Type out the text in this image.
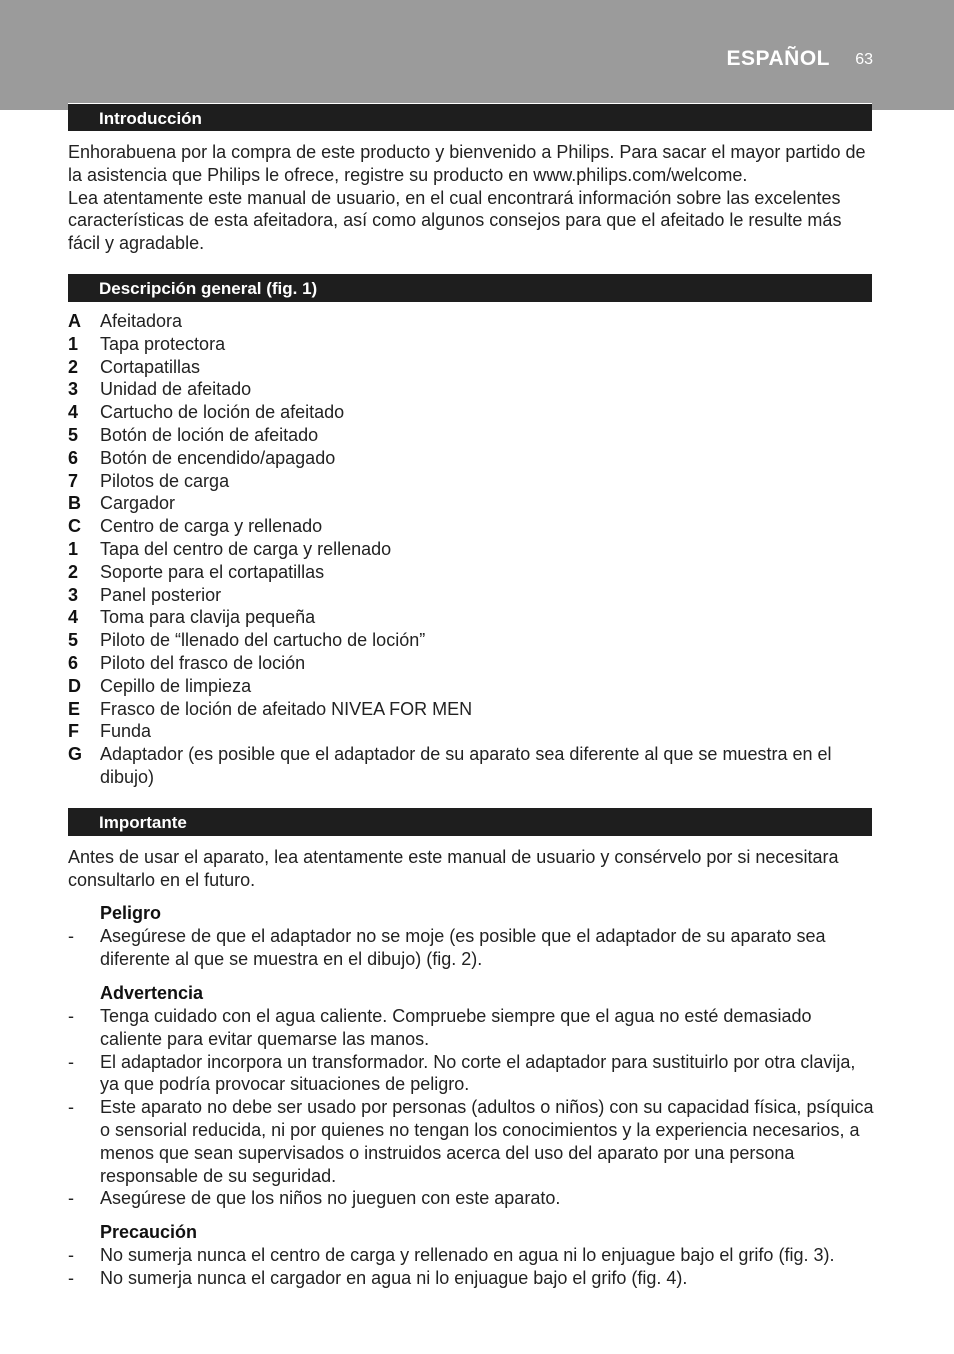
ESPAÑOL 63
Introducción

Enhorabuena por la compra de este producto y bienvenido a Philips. Para sacar el mayor partido de la asistencia que Philips le ofrece, registre su producto en www.philips.com/welcome.

Lea atentamente este manual de usuario, en el cual encontrará información sobre las excelentes características de esta afeitadora, así como algunos consejos para que el afeitado le resulte más fácil y agradable.

Descripción general (fig. 1)
A	Afeitadora
1	Tapa protectora
2	Cortapatillas
3	Unidad de afeitado
4	Cartucho de loción de afeitado
5	Botón de loción de afeitado
6	Botón de encendido/apagado
7	Pilotos de carga
B	Cargador
C	Centro de carga y rellenado
1	Tapa del centro de carga y rellenado
2	Soporte para el cortapatillas
3	Panel posterior
4	Toma para clavija pequeña
5	Piloto de “llenado del cartucho de loción”
6	Piloto del frasco de loción
D	Cepillo de limpieza
E	Frasco de loción de afeitado NIVEA FOR MEN
F	Funda
G Adaptador (es posible que el adaptador de su aparato sea diferente al que se muestra en el dibujo)
Importante

Antes de usar el aparato, lea atentamente este manual de usuario y consérvelo por si necesitara consultarlo en el futuro.

Peligro
-	Asegúrese de que el adaptador no se moje (es posible que el adaptador de su aparato sea diferente al que se muestra en el dibujo) (fig. 2).
Advertencia
-	Tenga cuidado con el agua caliente. Compruebe siempre que el agua no esté demasiado caliente para evitar quemarse las manos.
-	El adaptador incorpora un transformador. No corte el adaptador para sustituirlo por otra clavija, ya que podría provocar situaciones de peligro.
-	Este aparato no debe ser usado por personas (adultos o niños) con su capacidad física, psíquica o sensorial reducida, ni por quienes no tengan los conocimientos y la experiencia necesarios, a menos que sean supervisados o instruidos acerca del uso del aparato por una persona responsable de su seguridad.
-	Asegúrese de que los niños no jueguen con este aparato.
Precaución
-	No sumerja nunca el centro de carga y rellenado en agua ni lo enjuague bajo el grifo (fig. 3).
-	No sumerja nunca el cargador en agua ni lo enjuague bajo el grifo (fig. 4).
